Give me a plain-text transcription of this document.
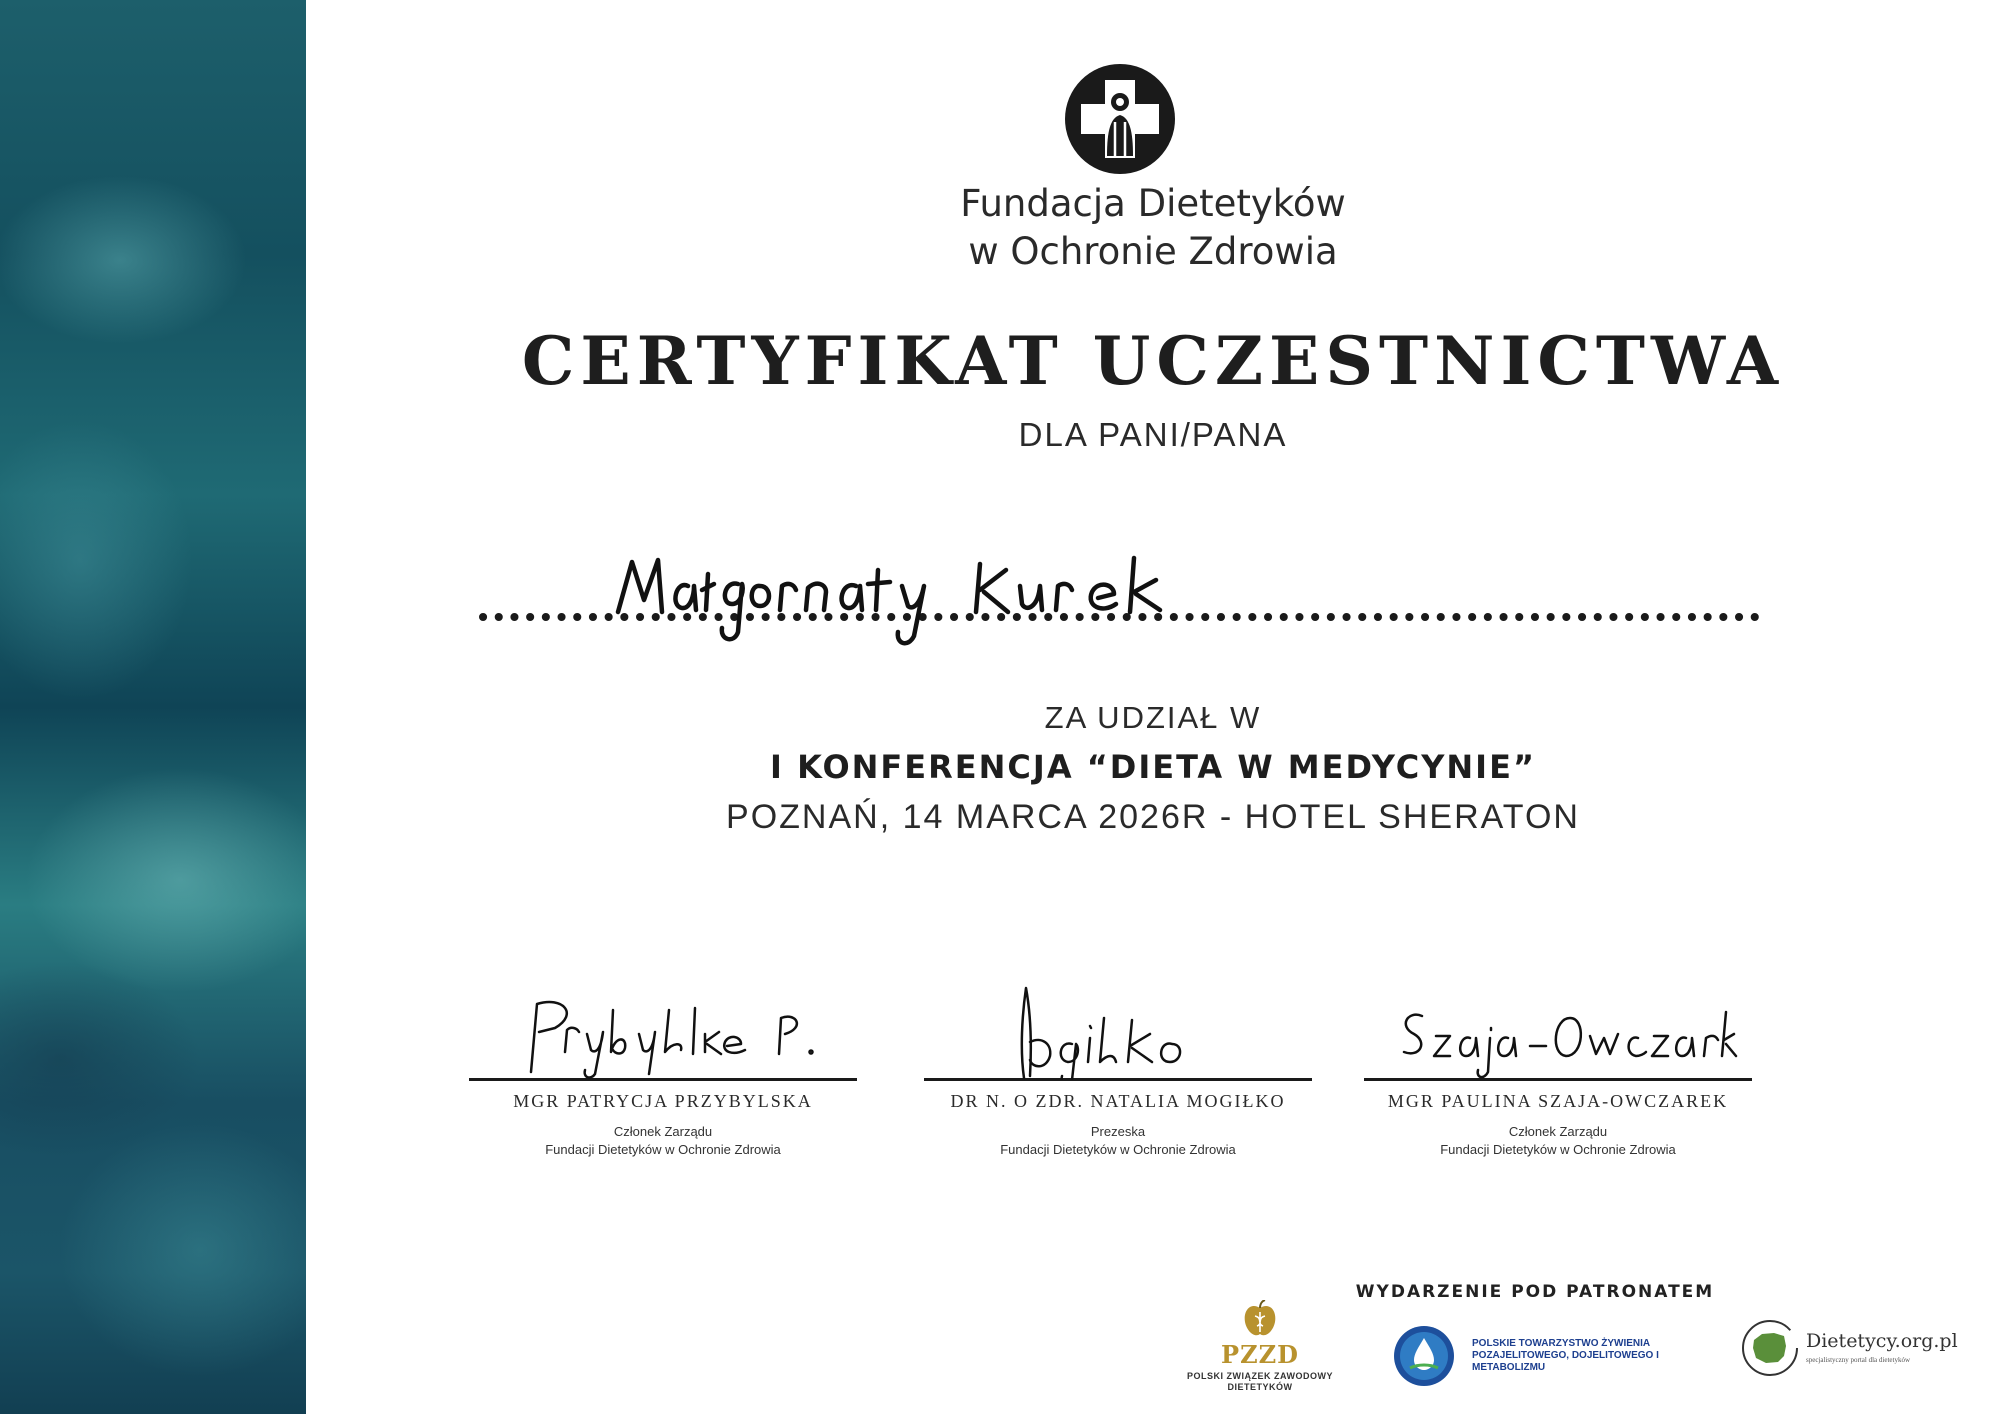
Fundacja Dietetyków
w Ochronie Zdrowia
CERTYFIKAT UCZESTNICTWA
DLA PANI/PANA
ZA UDZIAŁ W
I KONFERENCJA “DIETA W MEDYCYNIE”
POZNAŃ, 14 MARCA 2026R - HOTEL SHERATON
MGR PATRYCJA PRZYBYLSKA
Członek Zarządu
Fundacji Dietetyków w Ochronie Zdrowia
DR N. O ZDR. NATALIA MOGIŁKO
Prezeska
Fundacji Dietetyków w Ochronie Zdrowia
MGR PAULINA SZAJA-OWCZAREK
Członek Zarządu
Fundacji Dietetyków w Ochronie Zdrowia
WYDARZENIE POD PATRONATEM
PZZD
POLSKI ZWIĄZEK ZAWODOWY DIETETYKÓW
POLSKIE TOWARZYSTWO ŻYWIENIA POZAJELITOWEGO, DOJELITOWEGO I METABOLIZMU
Dietetycy.org.pl
specjalistyczny portal dla dietetyków
